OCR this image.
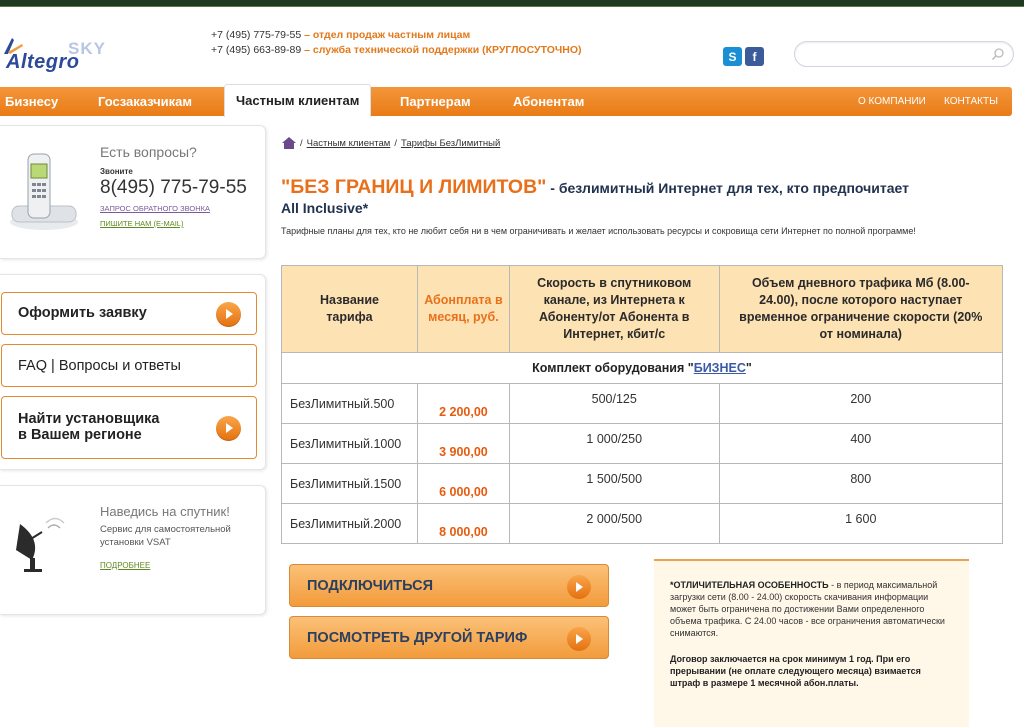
SKY
Altegro
+7 (495) 775-79-55 – отдел продаж частным лицам
+7 (495) 663-89-89 – служба технической поддержки (КРУГЛОСУТОЧНО)	S	f
Бизнесу	Госзаказчикам	Частным клиентам	Партнерам	Абонентам	О КОМПАНИИ КОНТАКТЫ
Есть вопросы?
Звоните
8(495) 775-79-55
ЗАПРОС ОБРАТНОГО ЗВОНКА
ПИШИТЕ НАМ (E-MAIL)
Оформить заявку
FAQ | Вопросы и ответы
Найти установщика
в Вашем регионе
Наведись на спутник!
Сервис для самостоятельной установки VSAT
ПОДРОБНЕЕ
/ Частным клиентам / Тарифы БезЛимитный
"БЕЗ ГРАНИЦ И ЛИМИТОВ" - безлимитный Интернет для тех, кто предпочитает
All Inclusive*
Тарифные планы для тех, кто не любит себя ни в чем ограничивать и желает использовать ресурсы и сокровища сети Интернет по полной программе!
Название тарифа	Абонплата в месяц, руб.	Скорость в спутниковом канале, из Интернета к Абоненту/от Абонента в Интернет, кбит/с	Объем дневного трафика Мб (8.00-24.00), после которого наступает временное ограничение скорости (20% от номинала)
Комплект оборудования "БИЗНЕС"			
БезЛимитный.500	2 200,00	500/125	200
БезЛимитный.1000	3 900,00	1 000/250	400
БезЛимитный.1500	6 000,00	1 500/500	800
БезЛимитный.2000	8 000,00	2 000/500	1 600
ПОДКЛЮЧИТЬСЯ
ПОСМОТРЕТЬ ДРУГОЙ ТАРИФ
*ОТЛИЧИТЕЛЬНАЯ ОСОБЕННОСТЬ - в период максимальной загрузки сети (8.00 - 24.00) скорость скачивания информации может быть ограничена по достижении Вами определенного объема трафика. С 24.00 часов - все ограничения автоматически снимаются.
Договор заключается на срок минимум 1 год. При его прерывании (не оплате следующего месяца) взимается штраф в размере 1 месячной абон.платы.
